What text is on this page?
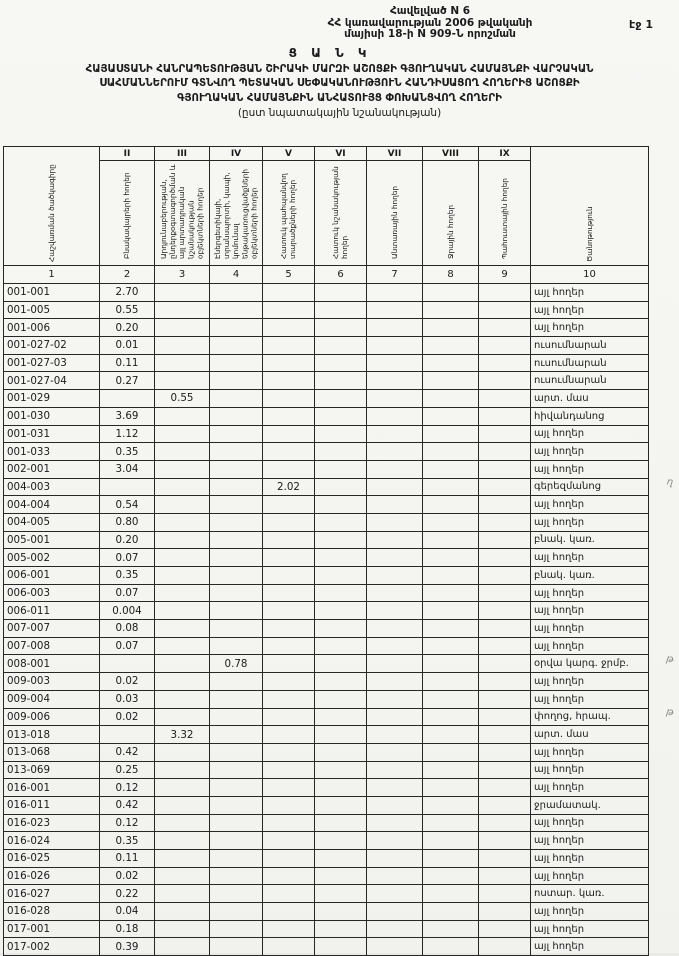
էջ 1
Հավելված N 6
ՀՀ կառավարության 2006 թվականի
մայիսի 18-ի N 909-Ն որոշման
Ց Ա Ն Կ
ՀԱՅԱՍՏԱՆԻ ՀԱՆՐԱՊԵՏՈՒԹՅԱՆ ՇԻՐԱԿԻ ՄԱՐԶԻ ԱՇՈՑՔԻ ԳՅՈՒՂԱԿԱՆ ՀԱՄԱՅՆՔԻ ՎԱՐՉԱԿԱՆ
ՍԱՀՄԱՆՆԵՐՈՒՄ ԳՏՆՎՈՂ ՊԵՏԱԿԱՆ ՍԵՓԱԿԱՆՈՒԹՅՈՒՆ ՀԱՆԴԻՍԱՑՈՂ ՀՈՂԵՐԻՑ ԱՇՈՑՔԻ
ԳՅՈՒՂԱԿԱՆ ՀԱՄԱՅՆՔԻՆ ԱՆՀԱՏՈՒՅՑ ՓՈԽԱՆՑՎՈՂ ՀՈՂԵՐԻ
(ըստ նպատակային նշանակության)
Հաշվառման ծածկագիրը	II	III	IV	V	VI	VII	VIII	IX	Ծանոթություն
	Բնակավայրերի հողեր	Արդյունաբերության, ընդերքօգտագործման և այլ արտադրական նշանակության օբյեկտների հողեր	Էներգետիկայի, տրանսպորտի, կապի, կոմունալ ենթակառուցվածքների օբյեկտների հողեր	Հատուկ պահպանվող տարածքների հողեր	Հատուկ նշանակության հողեր	Անտառային հողեր	Ջրային հողեր	Պահուստային հողեր	
1	2	3	4	5	6	7	8	9	10
001-001	2.70								այլ հողեր
001-005	0.55								այլ հողեր
001-006	0.20								այլ հողեր
001-027-02	0.01								ուսումնարան
001-027-03	0.11								ուսումնարան
001-027-04	0.27								ուսումնարան
001-029		0.55							արտ. մաս
001-030	3.69								հիվանդանոց
001-031	1.12								այլ հողեր
001-033	0.35								այլ հողեր
002-001	3.04								այլ հողեր
004-003				2.02					գերեզմանոց
004-004	0.54								այլ հողեր
004-005	0.80								այլ հողեր
005-001	0.20								բնակ. կառ.
005-002	0.07								այլ հողեր
006-001	0.35								բնակ. կառ.
006-003	0.07								այլ հողեր
006-011	0.004								այլ հողեր
007-007	0.08								այլ հողեր
007-008	0.07								այլ հողեր
008-001			0.78						օրվա կարգ. ջրմբ.
009-003	0.02								այլ հողեր
009-004	0.03								այլ հողեր
009-006	0.02								փողոց, հրապ.
013-018		3.32							արտ. մաս
013-068	0.42								այլ հողեր
013-069	0.25								այլ հողեր
016-001	0.12								այլ հողեր
016-011	0.42								ջրամատակ.
016-023	0.12								այլ հողեր
016-024	0.35								այլ հողեր
016-025	0.11								այլ հողեր
016-026	0.02								այլ հողեր
016-027	0.22								ոստար. կառ.
016-028	0.04								այլ հողեր
017-001	0.18								այլ հողեր
017-002	0.39								այլ հողեր
ղ
թ
թ
